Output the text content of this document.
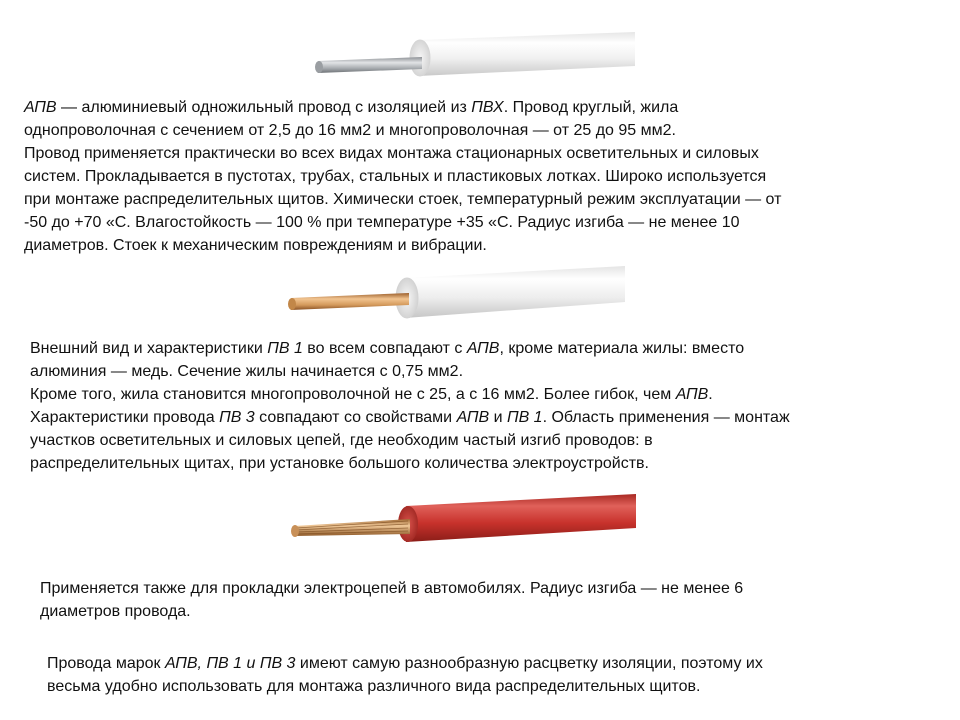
АПВ — алюминиевый одножильный провод с изоляцией из ПВХ. Провод круглый, жила
однопроволочная с сечением от 2,5 до 16 мм2 и многопроволочная — от 25 до 95 мм2.
Провод применяется практически во всех видах монтажа стационарных осветительных и силовых
систем. Прокладывается в пустотах, трубах, стальных и пластиковых лотках. Широко используется
при монтаже распределительных щитов. Химически стоек, температурный режим эксплуатации — от
-50 до +70 «С. Влагостойкость — 100 % при температуре +35 «С. Радиус изгиба — не менее 10
диаметров. Стоек к механическим повреждениям и вибрации.
Внешний вид и характеристики ПВ 1 во всем совпадают с АПВ, кроме материала жилы: вместо
алюминия — медь. Сечение жилы начинается с 0,75 мм2.
Кроме того, жила становится многопроволочной не с 25, а с 16 мм2. Более гибок, чем АПВ.
Характеристики провода ПВ 3 совпадают со свойствами АПВ и ПВ 1. Область применения — монтаж
участков осветительных и силовых цепей, где необходим частый изгиб проводов: в
распределительных щитах, при установке большого количества электроустройств.
Применяется также для прокладки электроцепей в автомобилях. Радиус изгиба — не менее 6
диаметров провода.
Провода марок АПВ, ПВ 1 и ПВ 3 имеют самую разнообразную расцветку изоляции, поэтому их
весьма удобно использовать для монтажа различного вида распределительных щитов.
